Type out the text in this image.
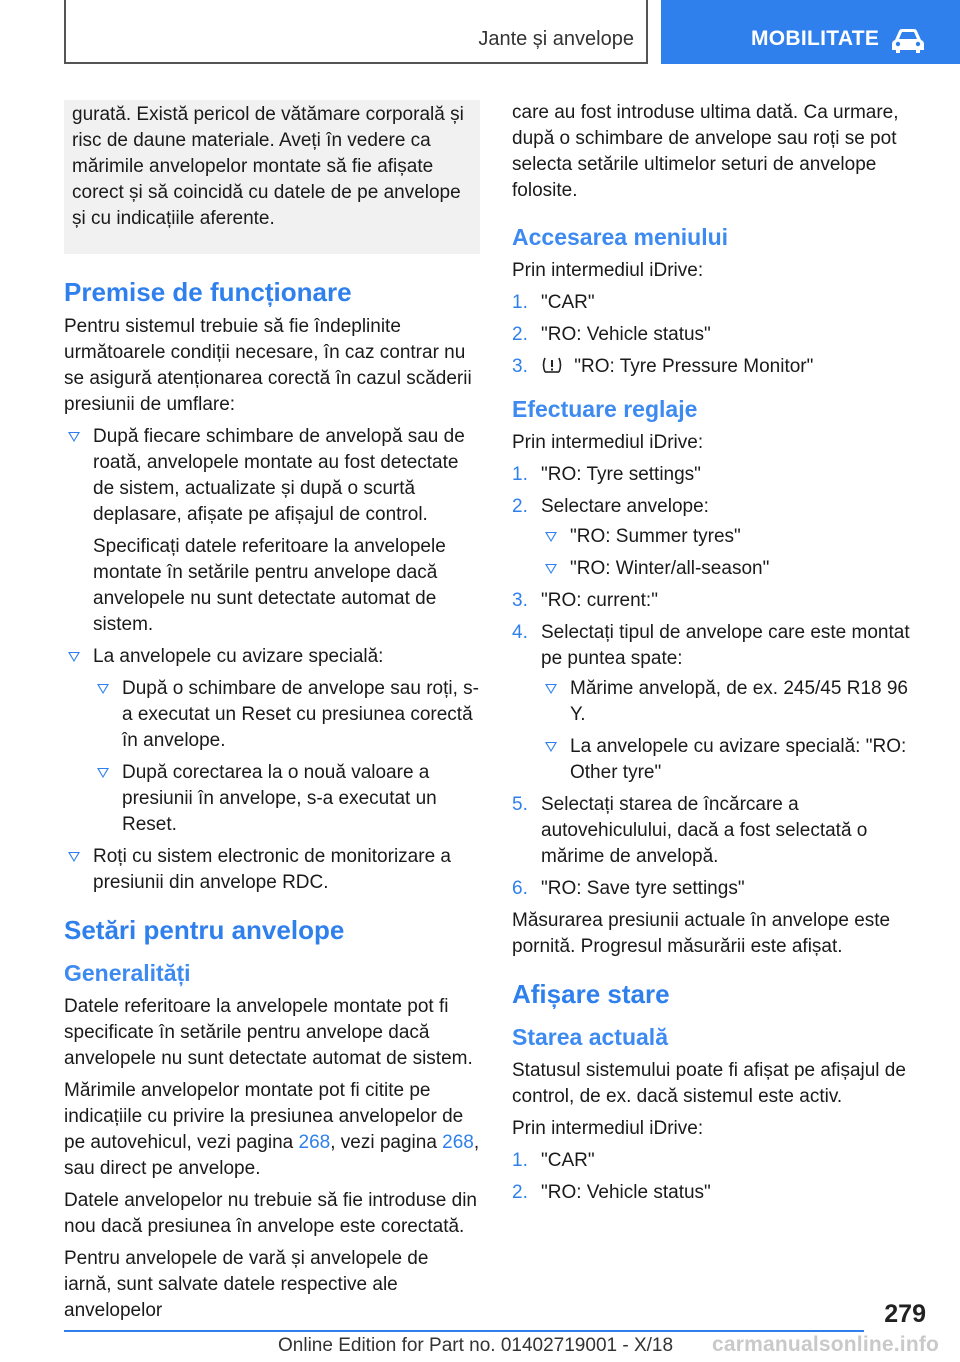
Jante și anvelope	MOBILITATE

gurată. Există pericol de vătămare corporală și risc de daune materiale. Aveți în vedere ca mărimile anvelopelor montate să fie afișate corect și să coincidă cu datele de pe anvelope și cu indicațiile aferente.

Premise de funcționare

Pentru sistemul trebuie să fie îndeplinite următoarele condiții necesare, în caz contrar nu se asigură atenționarea corectă în cazul scăderii presiunii de umflare:

După fiecare schimbare de anvelopă sau de roată, anvelopele montate au fost detectate de sistem, actualizate și după o scurtă deplasare, afișate pe afișajul de control.

Specificați datele referitoare la anvelopele montate în setările pentru anvelope dacă anvelopele nu sunt detectate automat de sistem.

La anvelopele cu avizare specială:
După o schimbare de anvelope sau roți, s-a executat un Reset cu presiunea corectă în anvelope.
După corectarea la o nouă valoare a presiunii în anvelope, s-a executat un Reset.
Roți cu sistem electronic de monitorizare a presiunii din anvelope RDC.
Setări pentru anvelope
Generalități

Datele referitoare la anvelopele montate pot fi specificate în setările pentru anvelope dacă anvelopele nu sunt detectate automat de sistem.

Mărimile anvelopelor montate pot fi citite pe indicațiile cu privire la presiunea anvelopelor de pe autovehicul, vezi pagina 268, vezi pagina 268, sau direct pe anvelope.

Datele anvelopelor nu trebuie să fie introduse din nou dacă presiunea în anvelope este corectată.

Pentru anvelopele de vară și anvelopele de iarnă, sunt salvate datele respective ale anvelopelor

care au fost introduse ultima dată. Ca urmare, după o schimbare de anvelope sau roți se pot selecta setările ultimelor seturi de anvelope folosite.

Accesarea meniului

Prin intermediul iDrive:

1. "CAR"
2. "RO: Vehicle status"
3. "RO: Tyre Pressure Monitor"
Efectuare reglaje

Prin intermediul iDrive:

1. "RO: Tyre settings"
2. Selectare anvelope:
"RO: Summer tyres"
"RO: Winter/all-season"
3. "RO: current:"
4. Selectați tipul de anvelope care este montat pe puntea spate:
Mărime anvelopă, de ex. 245/45 R18 96 Y.
La anvelopele cu avizare specială: "RO: Other tyre"
5. Selectați starea de încărcare a autovehiculului, dacă a fost selectată o mărime de anvelopă.
6. "RO: Save tyre settings"

Măsurarea presiunii actuale în anvelope este pornită. Progresul măsurării este afișat.

Afișare stare
Starea actuală

Statusul sistemului poate fi afișat pe afișajul de control, de ex. dacă sistemul este activ.

Prin intermediul iDrive:

1. "CAR"
2. "RO: Vehicle status"
279
Online Edition for Part no. 01402719001 - X/18 carmanualsonline.info
